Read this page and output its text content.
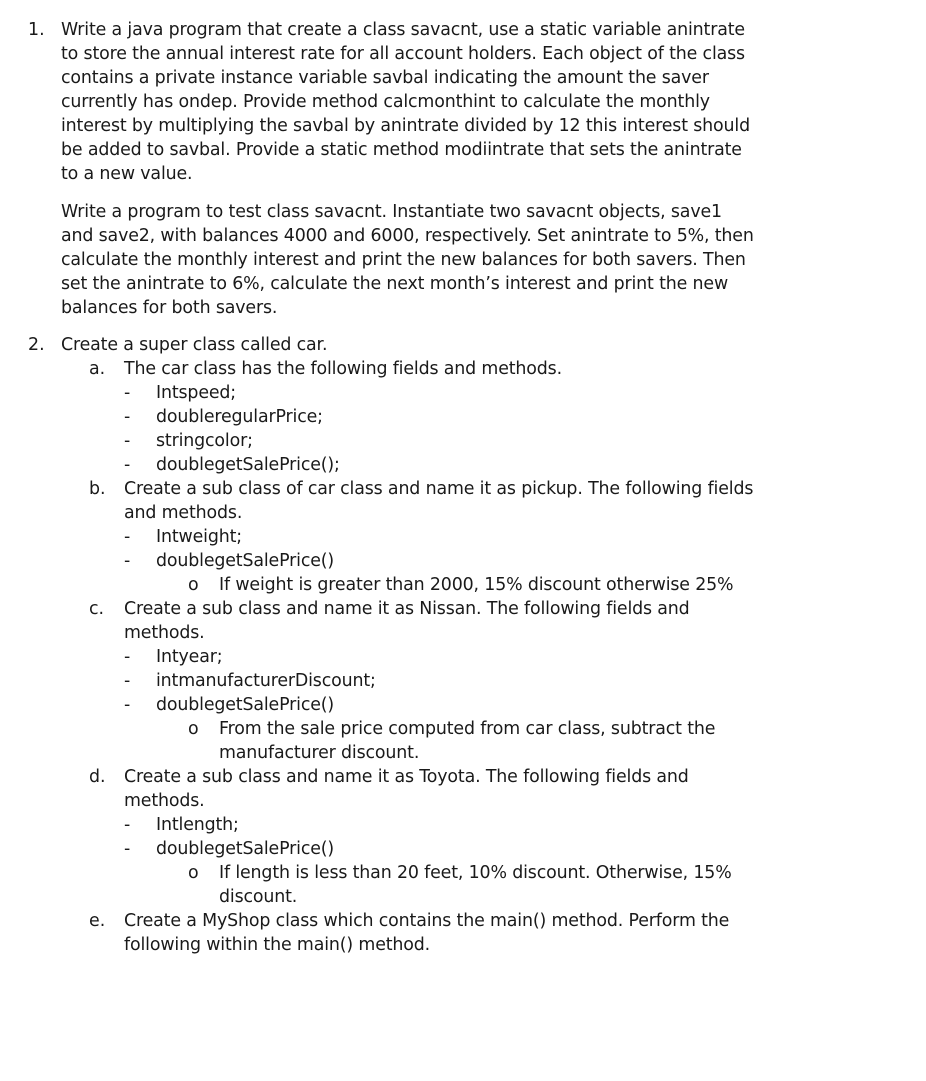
1. Write a java program that create a class savacnt, use a static variable anintrate
to store the annual interest rate for all account holders. Each object of the class
contains a private instance variable savbal indicating the amount the saver
currently has ondep. Provide method calcmonthint to calculate the monthly
interest by multiplying the savbal by anintrate divided by 12 this interest should
be added to savbal. Provide a static method modiintrate that sets the anintrate
to a new value.
Write a program to test class savacnt. Instantiate two savacnt objects, save1
and save2, with balances 4000 and 6000, respectively. Set anintrate to 5%, then
calculate the monthly interest and print the new balances for both savers. Then
set the anintrate to 6%, calculate the next month’s interest and print the new
balances for both savers.
2. Create a super class called car.
a. The car class has the following fields and methods.
- Intspeed;
- doubleregularPrice;
- stringcolor;
- doublegetSalePrice();
b. Create a sub class of car class and name it as pickup. The following fields
and methods.
- Intweight;
- doublegetSalePrice()
o If weight is greater than 2000, 15% discount otherwise 25%
c. Create a sub class and name it as Nissan. The following fields and
methods.
- Intyear;
- intmanufacturerDiscount;
- doublegetSalePrice()
o From the sale price computed from car class, subtract the
manufacturer discount.
d. Create a sub class and name it as Toyota. The following fields and
methods.
- Intlength;
- doublegetSalePrice()
o If length is less than 20 feet, 10% discount. Otherwise, 15%
discount.
e. Create a MyShop class which contains the main() method. Perform the
following within the main() method.
